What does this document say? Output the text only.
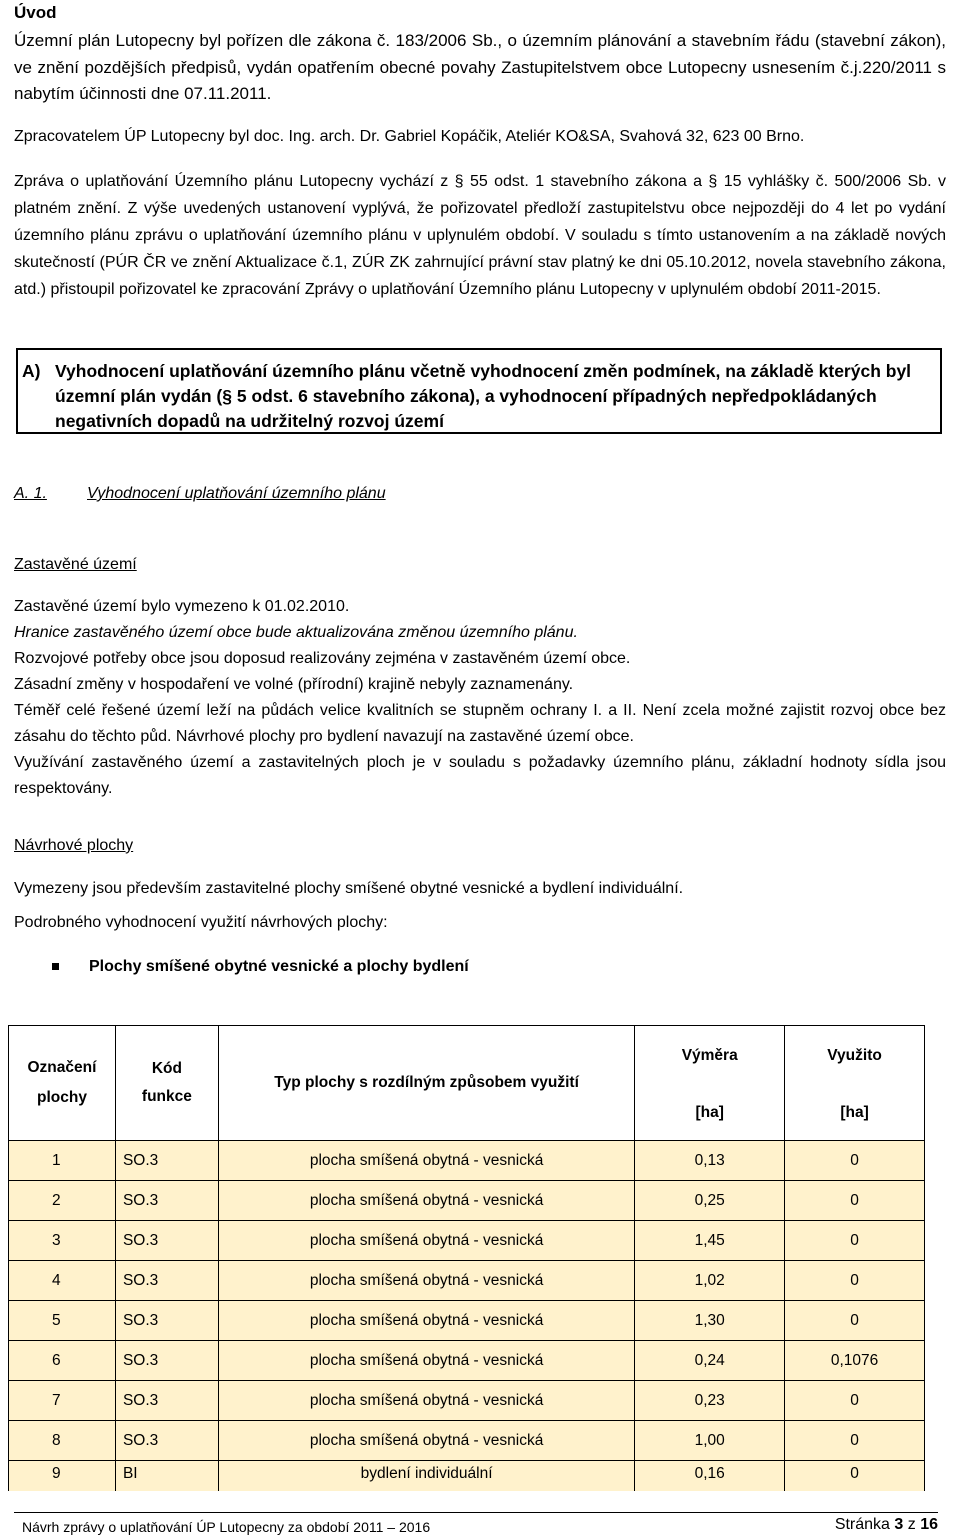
Úvod

Územní plán Lutopecny byl pořízen dle zákona č. 183/2006 Sb., o územním plánování a stavebním řádu (stavební zákon), ve znění pozdějších předpisů, vydán opatřením obecné povahy Zastupitelstvem obce Lutopecny usnesením č.j.220/2011 s nabytím účinnosti dne 07.11.2011.

Zpracovatelem ÚP Lutopecny byl doc. Ing. arch. Dr. Gabriel Kopáčik, Ateliér KO&SA, Svahová 32, 623 00 Brno.

Zpráva o uplatňování Územního plánu Lutopecny vychází z § 55 odst. 1 stavebního zákona a § 15 vyhlášky č. 500/2006 Sb. v platném znění. Z výše uvedených ustanovení vyplývá, že pořizovatel předloží zastupitelstvu obce nejpozději do 4 let po vydání územního plánu zprávu o uplatňování územního plánu v uplynulém období. V souladu s tímto ustanovením a na základě nových skutečností (PÚR ČR ve znění Aktualizace č.1, ZÚR ZK zahrnující právní stav platný ke dni 05.10.2012, novela stavebního zákona, atd.) přistoupil pořizovatel ke zpracování Zprávy o uplatňování Územního plánu Lutopecny v uplynulém období 2011-2015.

A) Vyhodnocení uplatňování územního plánu včetně vyhodnocení změn podmínek, na základě kterých byl územní plán vydán (§ 5 odst. 6 stavebního zákona), a vyhodnocení případných nepředpokládaných negativních dopadů na udržitelný rozvoj území
A. 1.	Vyhodnocení uplatňování územního plánu
Zastavěné území

Zastavěné území bylo vymezeno k 01.02.2010.

Hranice zastavěného území obce bude aktualizována změnou územního plánu.

Rozvojové potřeby obce jsou doposud realizovány zejména v zastavěném území obce.

Zásadní změny v hospodaření ve volné (přírodní) krajině nebyly zaznamenány.

Téměř celé řešené území leží na půdách velice kvalitních se stupněm ochrany I. a II. Není zcela možné zajistit rozvoj obce bez zásahu do těchto půd. Návrhové plochy pro bydlení navazují na zastavěné území obce.

Využívání zastavěného území a zastavitelných ploch je v souladu s požadavky územního plánu, základní hodnoty sídla jsou respektovány.

Návrhové plochy

Vymezeny jsou především zastavitelné plochy smíšené obytné vesnické a bydlení individuální.

Podrobného vyhodnocení využití návrhových plochy:

Plochy smíšené obytné vesnické a plochy bydlení
Označení plochy	Kód funkce	Typ plochy s rozdílným způsobem využití	Výměra	Využito
			[ha]	[ha]
1	SO.3	plocha smíšená obytná - vesnická	0,13	0
2	SO.3	plocha smíšená obytná - vesnická	0,25	0
3	SO.3	plocha smíšená obytná - vesnická	1,45	0
4	SO.3	plocha smíšená obytná - vesnická	1,02	0
5	SO.3	plocha smíšená obytná - vesnická	1,30	0
6	SO.3	plocha smíšená obytná - vesnická	0,24	0,1076
7	SO.3	plocha smíšená obytná - vesnická	0,23	0
8	SO.3	plocha smíšená obytná - vesnická	1,00	0
9	BI	bydlení individuální	0,16	0
Návrh zprávy o uplatňování ÚP Lutopecny za období 2011 – 2016	Stránka 3 z 16
